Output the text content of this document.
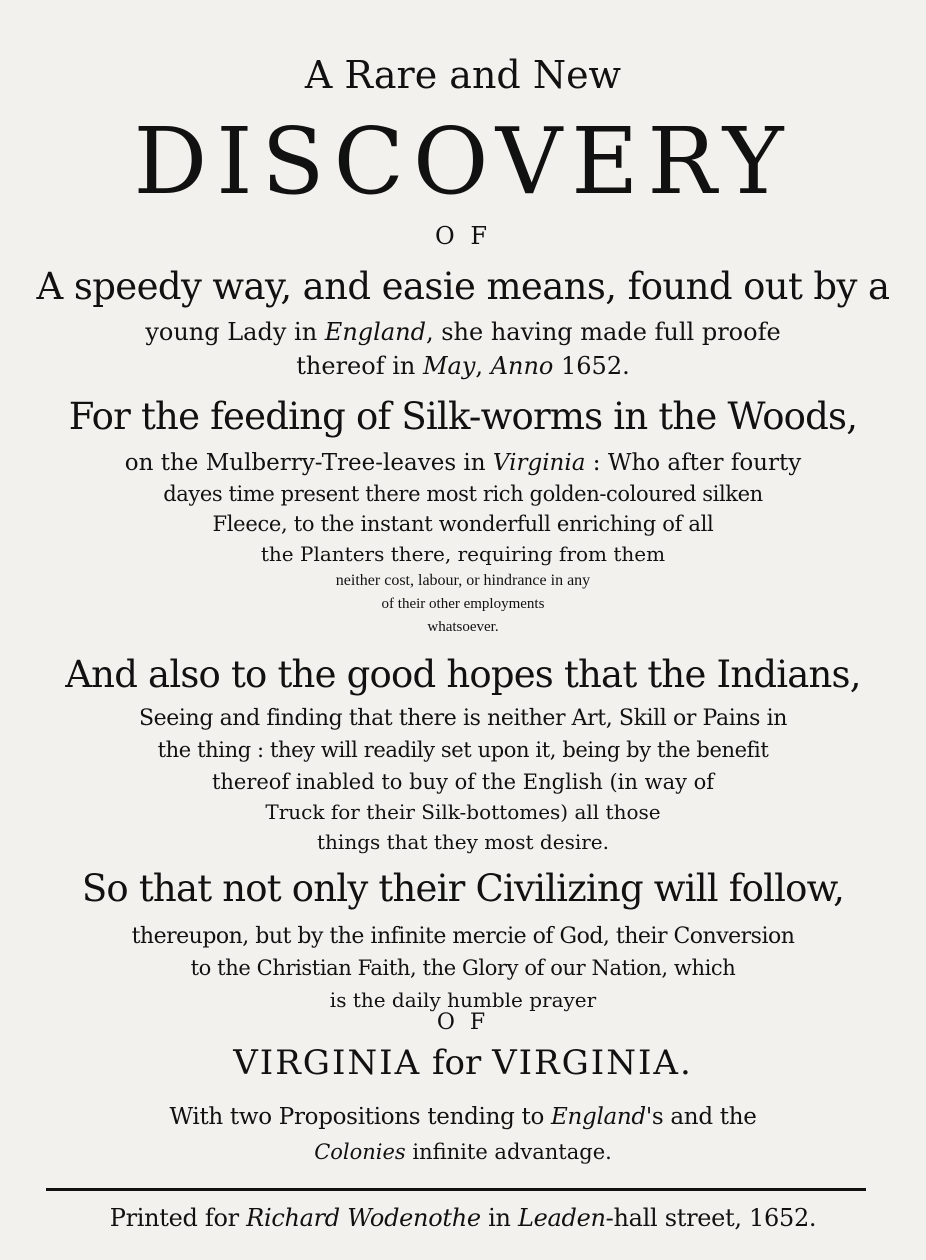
A Rare and New
DISCOVERY
O F
A speedy way, and easie means, found out by a
young Lady in England, she having made full proofe
thereof in May, Anno 1652.
For the feeding of Silk-worms in the Woods,
on the Mulberry-Tree-leaves in Virginia : Who after fourty
dayes time present there most rich golden-coloured silken
Fleece, to the instant wonderfull enriching of all
the Planters there, requiring from them
neither cost, labour, or hindrance in any
of their other employments
whatsoever.
And also to the good hopes that the Indians,
Seeing and finding that there is neither Art, Skill or Pains in
the thing : they will readily set upon it, being by the benefit
thereof inabled to buy of the English (in way of
Truck for their Silk-bottomes) all those
things that they most desire.
So that not only their Civilizing will follow,
thereupon, but by the infinite mercie of God, their Conversion
to the Christian Faith, the Glory of our Nation, which
is the daily humble prayer
O F
VIRGINIA for VIRGINIA.
With two Propositions tending to England's and the
Colonies infinite advantage.
Printed for Richard Wodenothe in Leaden-hall street, 1652.
